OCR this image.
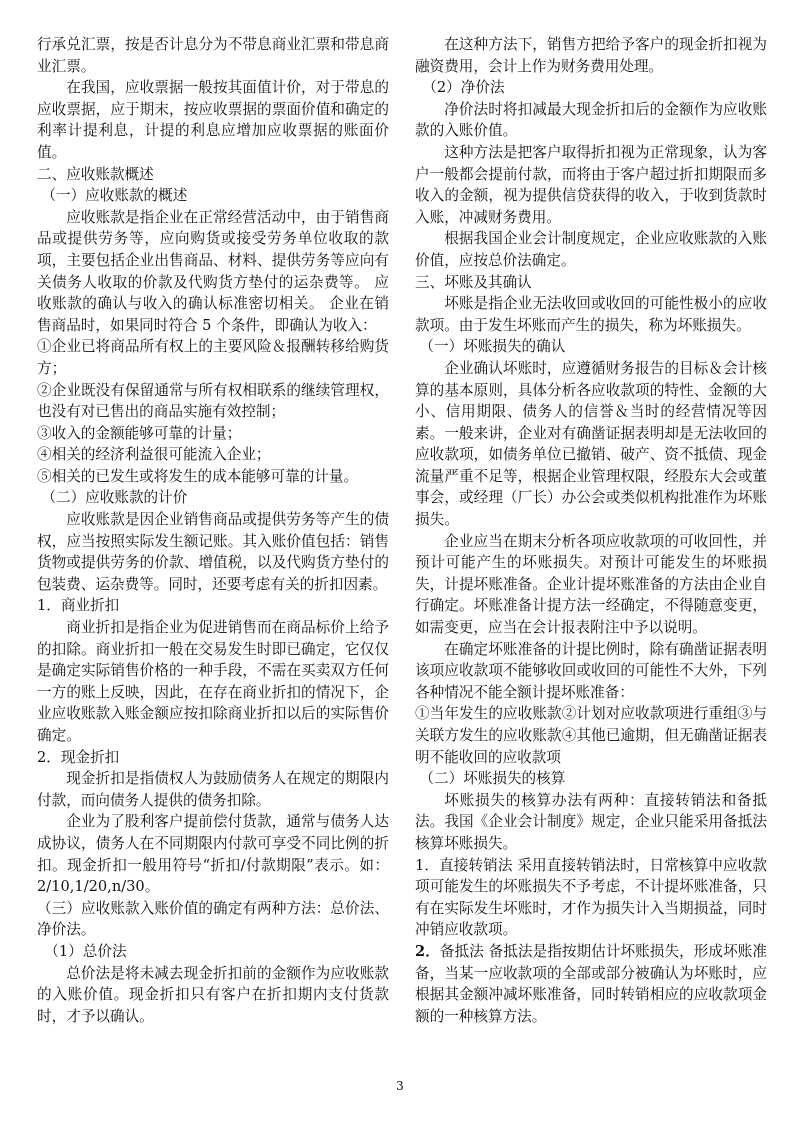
行承兑汇票，按是否计息分为不带息商业汇票和带息商业汇票。

在我国，应收票据一般按其面值计价，对于带息的应收票据，应于期末，按应收票据的票面价值和确定的利率计提利息，计提的利息应增加应收票据的账面价值。

二、应收账款概述

（一）应收账款的概述

应收账款是指企业在正常经营活动中，由于销售商品或提供劳务等，应向购货或接受劳务单位收取的款项，主要包括企业出售商品、材料、提供劳务等应向有关债务人收取的价款及代购货方垫付的运杂费等。 应收账款的确认与收入的确认标准密切相关。 企业在销售商品时，如果同时符合 5 个条件，即确认为收入：

①企业已将商品所有权上的主要风险＆报酬转移给购货方；

②企业既没有保留通常与所有权相联系的继续管理权，也没有对已售出的商品实施有效控制；

③收入的金额能够可靠的计量；

④相关的经济利益很可能流入企业；

⑤相关的已发生或将发生的成本能够可靠的计量。

（二）应收账款的计价

应收账款是因企业销售商品或提供劳务等产生的债权，应当按照实际发生额记账。其入账价值包括：销售货物或提供劳务的价款、增值税，以及代购货方垫付的包装费、运杂费等。同时，还要考虑有关的折扣因素。

1．商业折扣

商业折扣是指企业为促进销售而在商品标价上给予的扣除。商业折扣一般在交易发生时即已确定，它仅仅是确定实际销售价格的一种手段，不需在买卖双方任何一方的账上反映，因此，在存在商业折扣的情况下，企业应收账款入账金额应按扣除商业折扣以后的实际售价确定。

2．现金折扣

现金折扣是指债权人为鼓励债务人在规定的期限内付款，而向债务人提供的债务扣除。

企业为了股利客户提前偿付货款，通常与债务人达成协议，债务人在不同期限内付款可享受不同比例的折扣。现金折扣一般用符号“折扣/付款期限”表示。如：2/10,1/20,n/30。

（三）应收账款入账价值的确定有两种方法：总价法、净价法。

（1）总价法

总价法是将未减去现金折扣前的金额作为应收账款的入账价值。现金折扣只有客户在折扣期内支付货款时，才予以确认。

在这种方法下，销售方把给予客户的现金折扣视为融资费用，会计上作为财务费用处理。

（2）净价法

净价法时将扣减最大现金折扣后的金额作为应收账款的入账价值。

这种方法是把客户取得折扣视为正常现象，认为客户一般都会提前付款，而将由于客户超过折扣期限而多收入的金额，视为提供信贷获得的收入，于收到货款时入账，冲减财务费用。

根据我国企业会计制度规定，企业应收账款的入账价值，应按总价法确定。

三、坏账及其确认

坏账是指企业无法收回或收回的可能性极小的应收款项。由于发生坏账而产生的损失，称为坏账损失。

（一）坏账损失的确认

企业确认坏账时，应遵循财务报告的目标＆会计核算的基本原则，具体分析各应收款项的特性、金额的大小、信用期限、债务人的信誉＆当时的经营情况等因素。一般来讲，企业对有确凿证据表明却是无法收回的应收款项，如债务单位已撤销、破产、资不抵债、现金流量严重不足等，根据企业管理权限，经股东大会或董事会，或经理（厂长）办公会或类似机构批准作为坏账损失。

企业应当在期末分析各项应收款项的可收回性，并预计可能产生的坏账损失。对预计可能发生的坏账损失，计提坏账准备。企业计提坏账准备的方法由企业自行确定。坏账准备计提方法一经确定，不得随意变更，如需变更，应当在会计报表附注中予以说明。

在确定坏账准备的计提比例时，除有确凿证据表明该项应收款项不能够收回或收回的可能性不大外，下列各种情况不能全额计提坏账准备：

①当年发生的应收账款②计划对应收款项进行重组③与关联方发生的应收账款④其他已逾期，但无确凿证据表明不能收回的应收款项

（二）坏账损失的核算

坏账损失的核算办法有两种：直接转销法和备抵法。我国《企业会计制度》规定，企业只能采用备抵法核算坏账损失。

1．直接转销法 采用直接转销法时，日常核算中应收款项可能发生的坏账损失不予考虑，不计提坏账准备，只有在实际发生坏账时，才作为损失计入当期损益，同时冲销应收款项。

2．备抵法 备抵法是指按期估计坏账损失，形成坏账准备，当某一应收款项的全部或部分被确认为坏账时，应根据其金额冲减坏账准备，同时转销相应的应收款项金额的一种核算方法。

3
